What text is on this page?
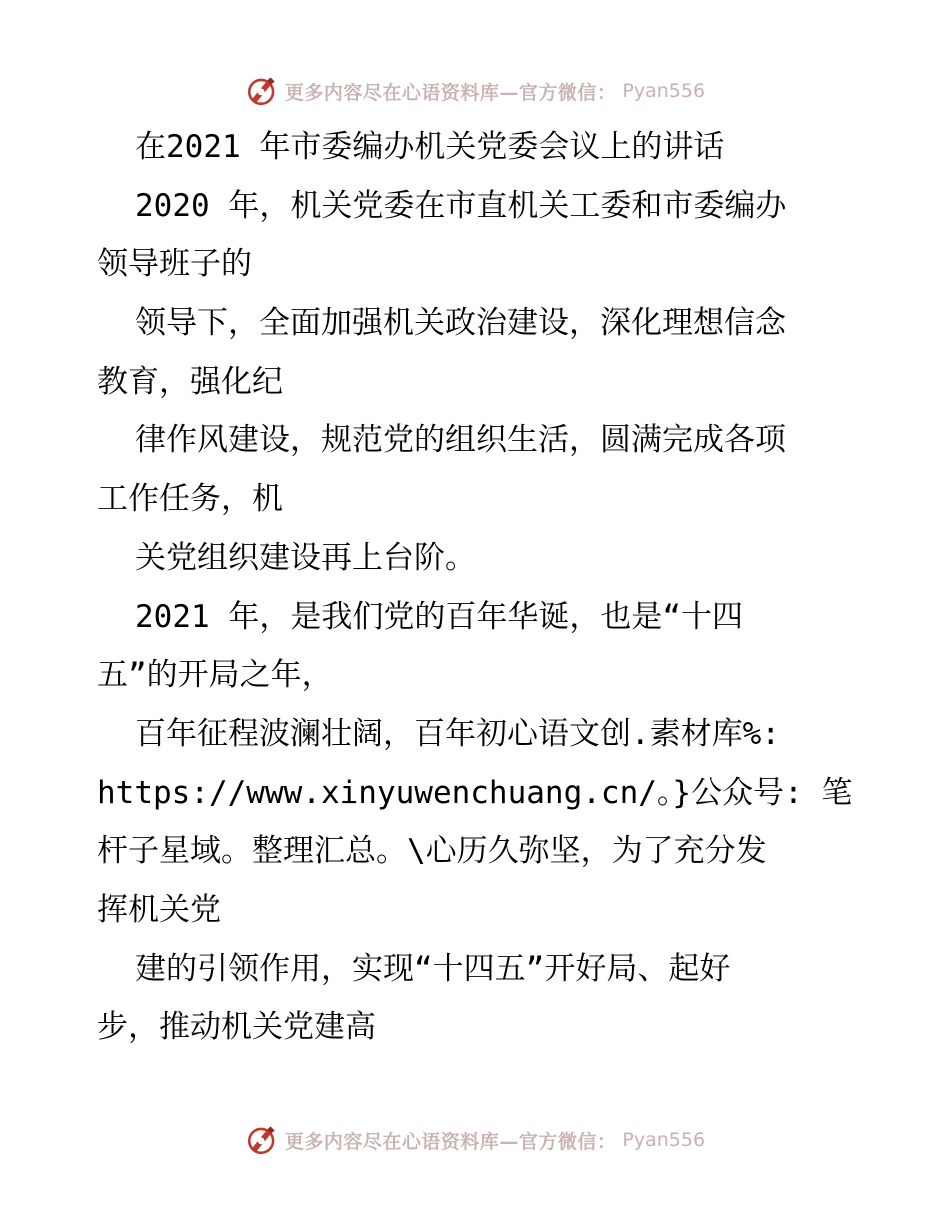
更多内容尽在心语资料库—官方微信： Pyan556
在2021 年市委编办机关党委会议上的讲话
2020 年，机关党委在市直机关工委和市委编办
领导班子的
领导下，全面加强机关政治建设，深化理想信念
教育，强化纪
律作风建设，规范党的组织生活，圆满完成各项
工作任务，机
关党组织建设再上台阶。
2021 年，是我们党的百年华诞，也是“十四
五”的开局之年，
百年征程波澜壮阔，百年初心语文创.素材库%:
https://www.xinyuwenchuang.cn/。}公众号: 笔
杆子星域。整理汇总。\心历久弥坚，为了充分发
挥机关党
建的引领作用，实现“十四五”开好局、起好
步，推动机关党建高
更多内容尽在心语资料库—官方微信： Pyan556
